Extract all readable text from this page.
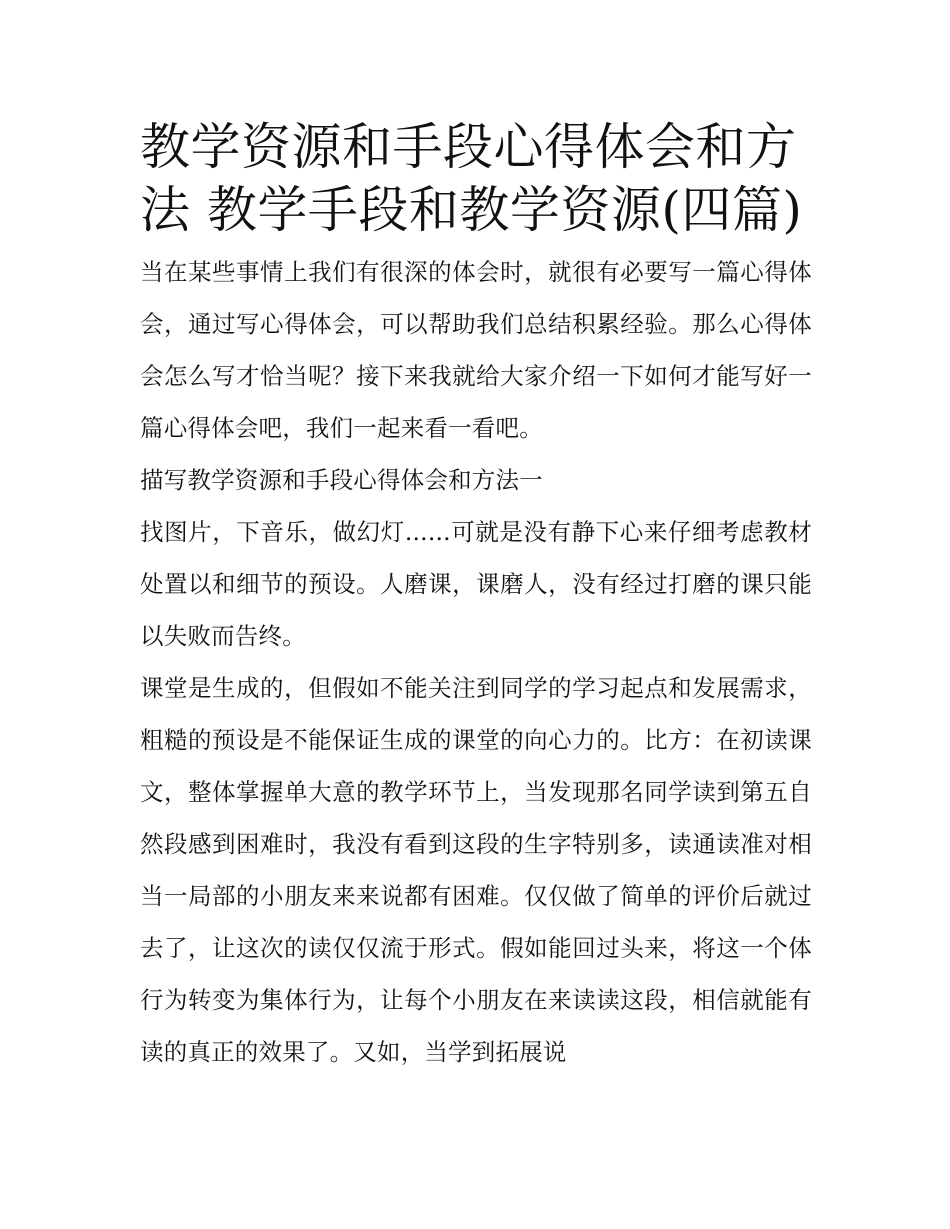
教学资源和手段心得体会和方
法 教学手段和教学资源(四篇)

当在某些事情上我们有很深的体会时，就很有必要写一篇心得体会，通过写心得体会，可以帮助我们总结积累经验。那么心得体会怎么写才恰当呢？接下来我就给大家介绍一下如何才能写好一篇心得体会吧，我们一起来看一看吧。

描写教学资源和手段心得体会和方法一

找图片，下音乐，做幻灯......可就是没有静下心来仔细考虑教材处置以和细节的预设。人磨课，课磨人，没有经过打磨的课只能以失败而告终。

课堂是生成的，但假如不能关注到同学的学习起点和发展需求，粗糙的预设是不能保证生成的课堂的向心力的。比方：在初读课文，整体掌握单大意的教学环节上，当发现那名同学读到第五自然段感到困难时，我没有看到这段的生字特别多，读通读准对相当一局部的小朋友来来说都有困难。仅仅做了简单的评价后就过去了，让这次的读仅仅流于形式。假如能回过头来，将这一个体行为转变为集体行为，让每个小朋友在来读读这段，相信就能有读的真正的效果了。又如，当学到拓展说
